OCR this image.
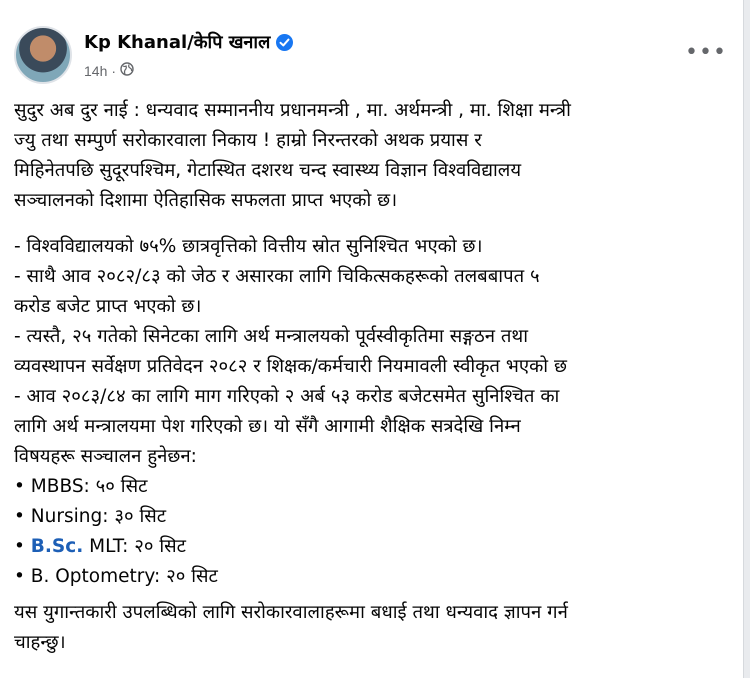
Kp Khanal/केपि खनाल
14h ·
•••

सुदुर अब दुर नाई : धन्यवाद सम्माननीय प्रधानमन्त्री , मा. अर्थमन्त्री , मा. शिक्षा मन्त्री

ज्यु तथा सम्पुर्ण सरोकारवाला निकाय ! हाम्रो निरन्तरको अथक प्रयास र

मिहिनेतपछि सुदूरपश्चिम, गेटास्थित दशरथ चन्द स्वास्थ्य विज्ञान विश्वविद्यालय

सञ्चालनको दिशामा ऐतिहासिक सफलता प्राप्त भएको छ।

- विश्वविद्यालयको ७५% छात्रवृत्तिको वित्तीय स्रोत सुनिश्चित भएको छ।

- साथै आव २०८२/८३ को जेठ र असारका लागि चिकित्सकहरूको तलबबापत ५

करोड बजेट प्राप्त भएको छ।

- त्यस्तै, २५ गतेको सिनेटका लागि अर्थ मन्त्रालयको पूर्वस्वीकृतिमा सङ्गठन तथा

व्यवस्थापन सर्वेक्षण प्रतिवेदन २०८२ र शिक्षक/कर्मचारी नियमावली स्वीकृत भएको छ

- आव २०८३/८४ का लागि माग गरिएको २ अर्ब ५३ करोड बजेटसमेत सुनिश्चित का

लागि अर्थ मन्त्रालयमा पेश गरिएको छ। यो सँगै आगामी शैक्षिक सत्रदेखि निम्न

विषयहरू सञ्चालन हुनेछन:

• MBBS: ५० सिट

• Nursing: ३० सिट

• B.Sc. MLT: २० सिट

• B. Optometry: २० सिट

यस युगान्तकारी उपलब्धिको लागि सरोकारवालाहरूमा बधाई तथा धन्यवाद ज्ञापन गर्न

चाहन्छु।
